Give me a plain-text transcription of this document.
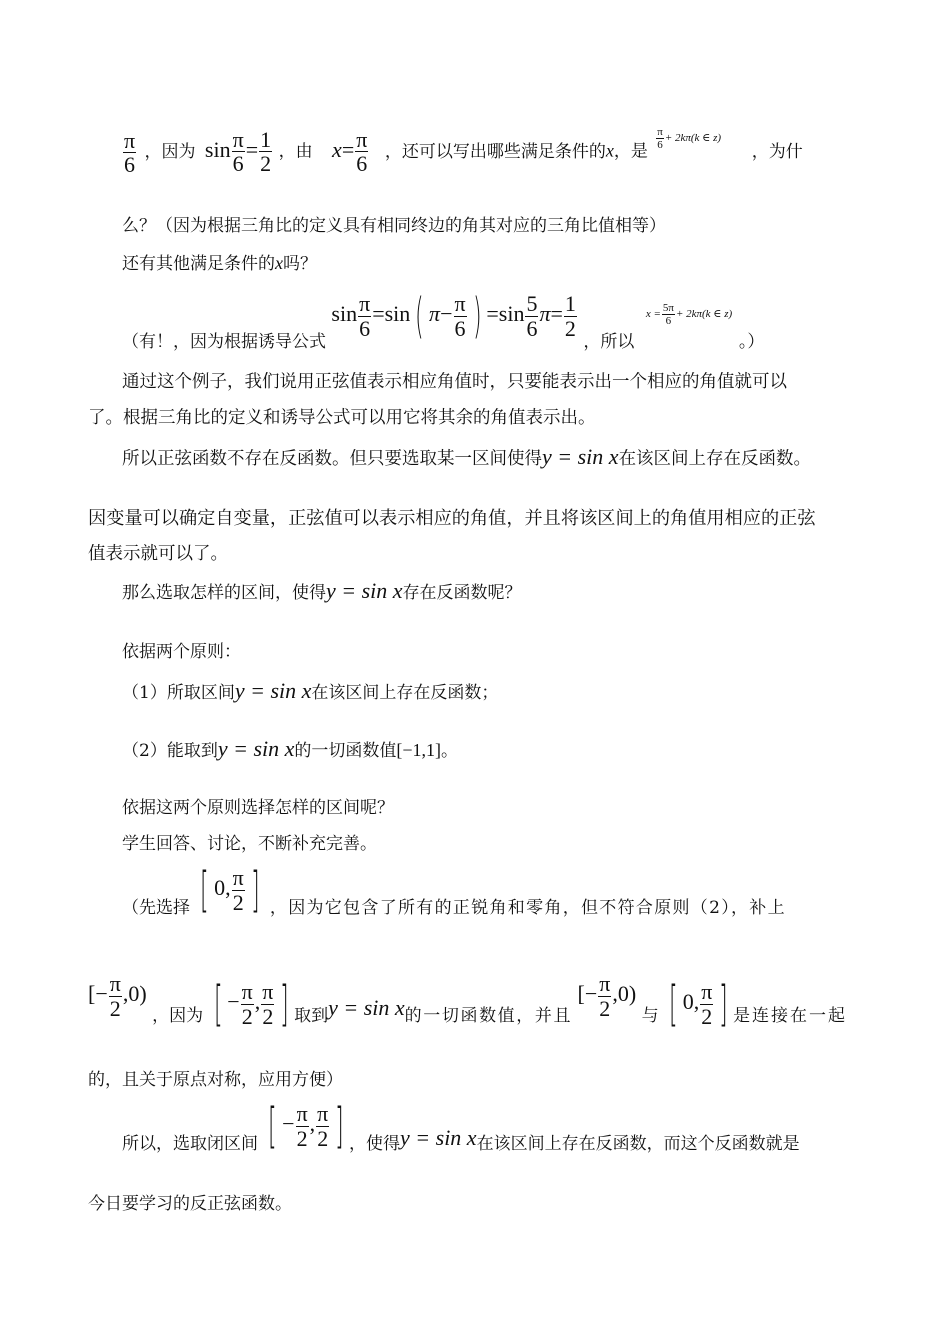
$\frac{\pi}{6}$ ，因为 $\sin \frac{\pi}{6} = \frac{1}{2}$ ，由 $x= \frac{\pi}{6}$ ，还可以写出哪些满足条件的x，是
$^{\frac{\pi}{6} + 2k\pi(k \in z)}$ ，为什
么？（因为根据三角比的定义具有相同终边的角其对应的三角比值相等）
还有其他满足条件的x吗？
（有！，因为根据诱导公式 $\sin \frac{\pi}{6} =\sin$ ( $\pi- \frac{\pi}{6}$ ) $=\sin \frac{5}{6} \pi= \frac{1}{2}$
，所以 $^{x = \frac{5\pi}{6} + 2k\pi(k \in z)}$ 。）
通过这个例子，我们说用正弦值表示相应角值时，只要能表示出一个相应的角值就可以
了。根据三角比的定义和诱导公式可以用它将其余的角值表示出。
所以正弦函数不存在反函数。但只要选取某一区间使得y = sin x在该区间上存在反函数。
因变量可以确定自变量，正弦值可以表示相应的角值，并且将该区间上的角值用相应的正弦
值表示就可以了。
那么选取怎样的区间，使得y = sin x存在反函数呢？
依据两个原则：
（1）所取区间y = sin x在该区间上存在反函数；
（2）能取到y = sin x的一切函数值[−1,1]。
依据这两个原则选择怎样的区间呢？
学生回答、讨论，不断补充完善。
（先选择 [ 0, $\frac{\pi}{2}$ ] ，因为它包含了所有的正锐角和零角，但不符合原则（2），补上
[− $\frac{\pi}{2} ,0$) ，因为 [ − $\frac{\pi}{2}$ , $\frac{\pi}{2}$ ] 取到y = sin x的一切函数值，并且 [− $\frac{\pi}{2} ,0$) 与 [ 0, $\frac{\pi}{2}$ ] 是连接在一起
的，且关于原点对称，应用方便）
所以，选取闭区间 [ − $\frac{\pi}{2}$ , $\frac{\pi}{2}$ ] ，使得y = sin x在该区间上存在反函数，而这个反函数就是
今日要学习的反正弦函数。
